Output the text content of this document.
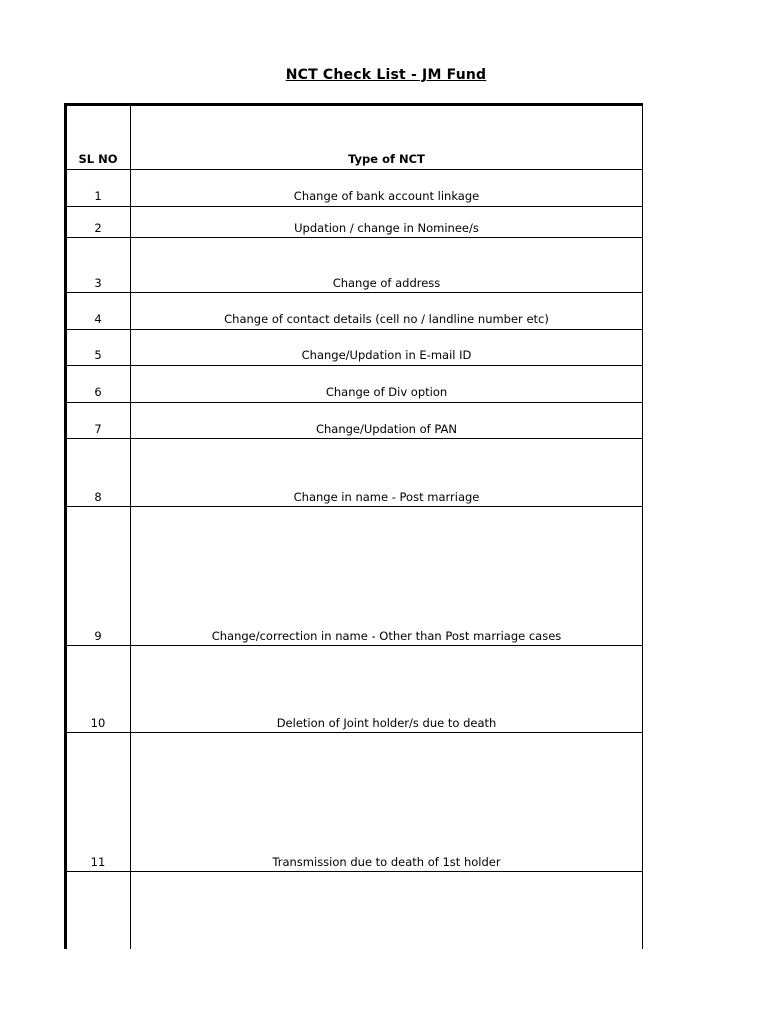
NCT Check List - JM Fund
SL NO	Type of NCT
1	Change of bank account linkage
2	Updation / change in Nominee/s
3	Change of address
4	Change of contact details (cell no / landline number etc)
5	Change/Updation in E-mail ID
6	Change of Div option
7	Change/Updation of PAN
8	Change in name - Post marriage
9	Change/correction in name - Other than Post marriage cases
10	Deletion of Joint holder/s due to death
11	Transmission due to death of 1st holder
